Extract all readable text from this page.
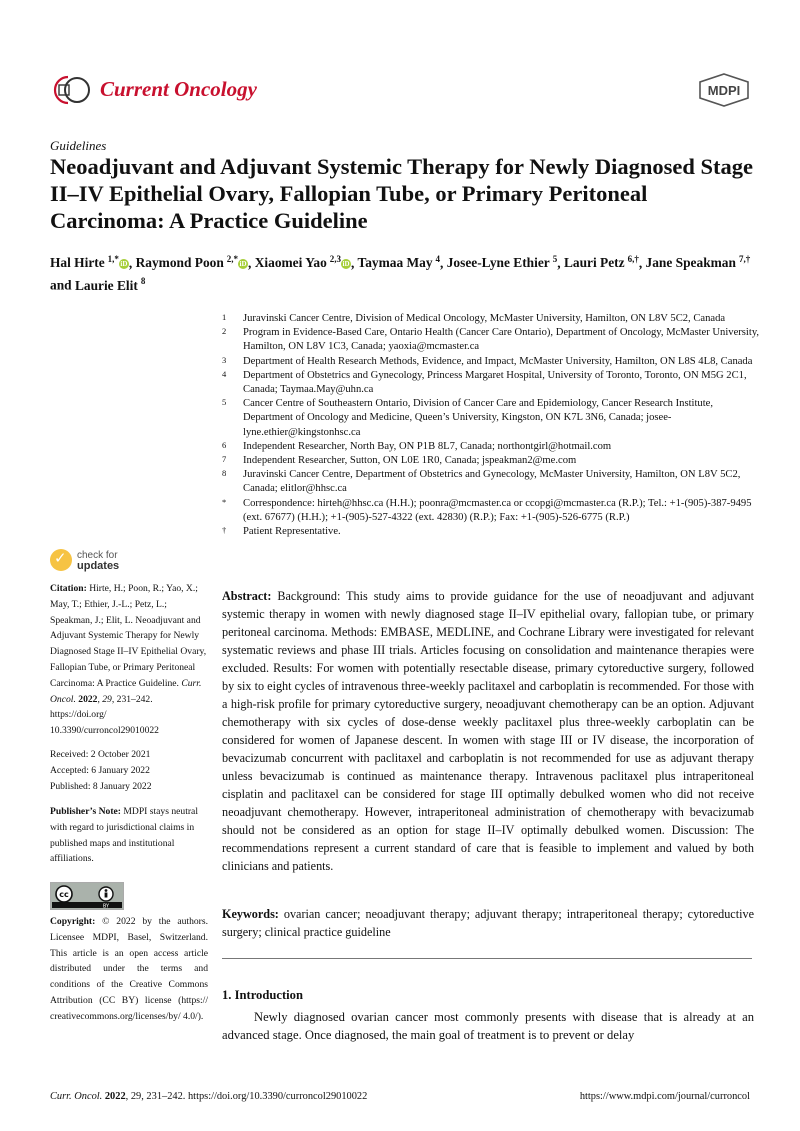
Current Oncology	MDPI
Guidelines
Neoadjuvant and Adjuvant Systemic Therapy for Newly Diagnosed Stage II–IV Epithelial Ovary, Fallopian Tube, or Primary Peritoneal Carcinoma: A Practice Guideline
Hal Hirte $^{1,*}$iD , Raymond Poon $^{2,*}$iD , Xiaomei Yao $^{2,3}$iD , Taymaa May $^4$, Josee-Lyne Ethier $^5$, Lauri Petz $^{6,\dagger}$, Jane Speakman $^{7,\dagger}$ and Laurie Elit $^8$
1 Juravinski Cancer Centre, Division of Medical Oncology, McMaster University, Hamilton, ON L8V 5C2, Canada
2 Program in Evidence-Based Care, Ontario Health (Cancer Care Ontario), Department of Oncology, McMaster University, Hamilton, ON L8V 1C3, Canada; yaoxia@mcmaster.ca
3 Department of Health Research Methods, Evidence, and Impact, McMaster University, Hamilton, ON L8S 4L8, Canada
4 Department of Obstetrics and Gynecology, Princess Margaret Hospital, University of Toronto, Toronto, ON M5G 2C1, Canada; Taymaa.May@uhn.ca
5 Cancer Centre of Southeastern Ontario, Division of Cancer Care and Epidemiology, Cancer Research Institute, Department of Oncology and Medicine, Queen’s University, Kingston, ON K7L 3N6, Canada; josee-lyne.ethier@kingstonhsc.ca
6 Independent Researcher, North Bay, ON P1B 8L7, Canada; northontgirl@hotmail.com
7 Independent Researcher, Sutton, ON L0E 1R0, Canada; jspeakman2@me.com
8 Juravinski Cancer Centre, Department of Obstetrics and Gynecology, McMaster University, Hamilton, ON L8V 5C2, Canada; elitlor@hhsc.ca
* Correspondence: hirteh@hhsc.ca (H.H.); poonra@mcmaster.ca or ccopgi@mcmaster.ca (R.P.); Tel.: +1-(905)-387-9495 (ext. 67677) (H.H.); +1-(905)-527-4322 (ext. 42830) (R.P.); Fax: +1-(905)-526-6775 (R.P.)
† Patient Representative.
✓ check for
updates
Citation: Hirte, H.; Poon, R.; Yao, X.; May, T.; Ethier, J.-L.; Petz, L.; Speakman, J.; Elit, L. Neoadjuvant and Adjuvant Systemic Therapy for Newly Diagnosed Stage II–IV Epithelial Ovary, Fallopian Tube, or Primary Peritoneal Carcinoma: A Practice Guideline. Curr. Oncol. 2022, 29, 231–242. https://doi.org/ 10.3390/curroncol29010022
Received: 2 October 2021
Accepted: 6 January 2022
Published: 8 January 2022
Publisher’s Note: MDPI stays neutral with regard to jurisdictional claims in published maps and institutional affiliations.
cc
BY
Copyright: © 2022 by the authors. Licensee MDPI, Basel, Switzerland. This article is an open access article distributed under the terms and conditions of the Creative Commons Attribution (CC BY) license (https:// creativecommons.org/licenses/by/ 4.0/).
Abstract: Background: This study aims to provide guidance for the use of neoadjuvant and adjuvant systemic therapy in women with newly diagnosed stage II–IV epithelial ovary, fallopian tube, or primary peritoneal carcinoma. Methods: EMBASE, MEDLINE, and Cochrane Library were investigated for relevant systematic reviews and phase III trials. Articles focusing on consolidation and maintenance therapies were excluded. Results: For women with potentially resectable disease, primary cytoreductive surgery, followed by six to eight cycles of intravenous three-weekly paclitaxel and carboplatin is recommended. For those with a high-risk profile for primary cytoreductive surgery, neoadjuvant chemotherapy can be an option. Adjuvant chemotherapy with six cycles of dose-dense weekly paclitaxel plus three-weekly carboplatin can be considered for women of Japanese descent. In women with stage III or IV disease, the incorporation of bevacizumab concurrent with paclitaxel and carboplatin is not recommended for use as adjuvant therapy unless bevacizumab is continued as maintenance therapy. Intravenous paclitaxel plus intraperitoneal cisplatin and paclitaxel can be considered for stage III optimally debulked women who did not receive neoadjuvant chemotherapy. However, intraperitoneal administration of chemotherapy with bevacizumab should not be considered as an option for stage II–IV optimally debulked women. Discussion: The recommendations represent a current standard of care that is feasible to implement and valued by both clinicians and patients.
Keywords: ovarian cancer; neoadjuvant therapy; adjuvant therapy; intraperitoneal therapy; cytoreductive surgery; clinical practice guideline
1. Introduction
Newly diagnosed ovarian cancer most commonly presents with disease that is already at an advanced stage. Once diagnosed, the main goal of treatment is to prevent or delay
Curr. Oncol. 2022, 29, 231–242. https://doi.org/10.3390/curroncol29010022	https://www.mdpi.com/journal/curroncol
